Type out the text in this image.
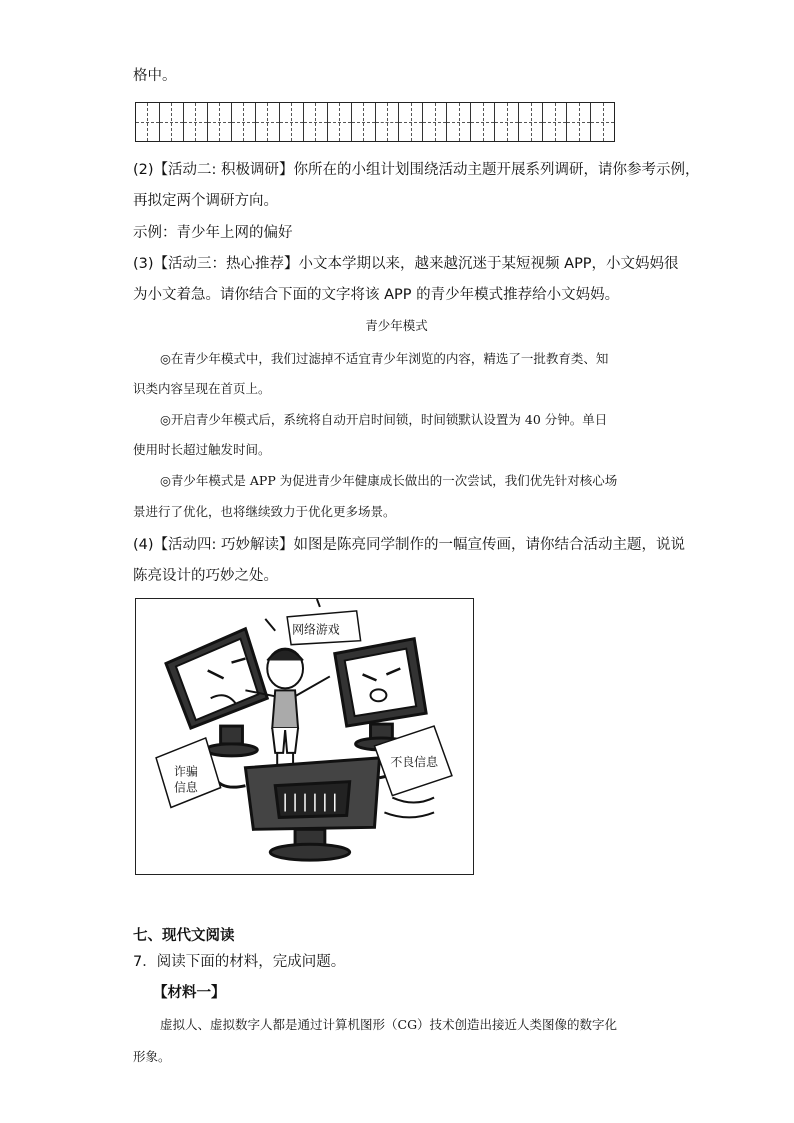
格中。
(2)【活动二: 积极调研】你所在的小组计划围绕活动主题开展系列调研，请你参考示例，
再拟定两个调研方向。
示例：青少年上网的偏好
(3)【活动三：热心推荐】小文本学期以来，越来越沉迷于某短视频 APP，小文妈妈很
为小文着急。请你结合下面的文字将该 APP 的青少年模式推荐给小文妈妈。
青少年模式
◎在青少年模式中，我们过滤掉不适宜青少年浏览的内容，精选了一批教育类、知
识类内容呈现在首页上。
◎开启青少年模式后，系统将自动开启时间锁，时间锁默认设置为 40 分钟。单日
使用时长超过触发时间。
◎青少年模式是 APP 为促进青少年健康成长做出的一次尝试，我们优先针对核心场
景进行了优化，也将继续致力于优化更多场景。
(4)【活动四: 巧妙解读】如图是陈亮同学制作的一幅宣传画，请你结合活动主题，说说
陈亮设计的巧妙之处。
网络游戏
诈骗
信息
不良信息
七、现代文阅读
7．阅读下面的材料，完成问题。
【材料一】
虚拟人、虚拟数字人都是通过计算机图形（CG）技术创造出接近人类图像的数字化
形象。
